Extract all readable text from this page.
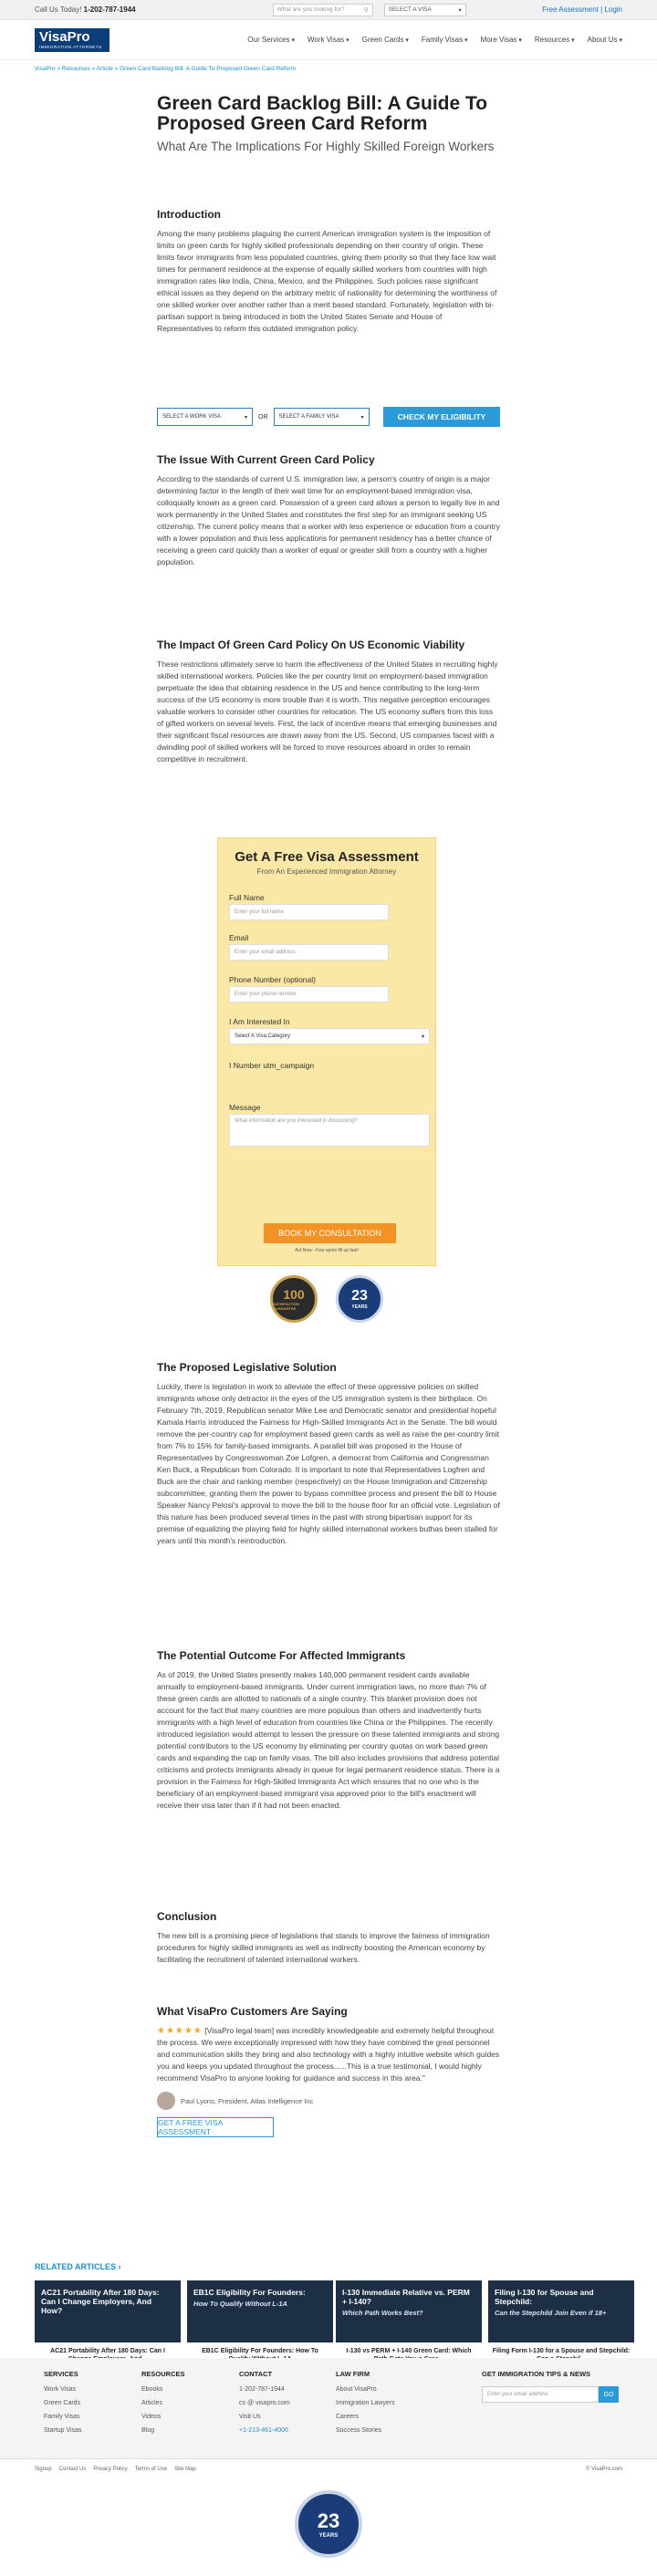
Call Us Today! 1-202-787-1944	What are you looking for?	⚲	SELECT A VISA	▾	Free Assessment | Login
VisaPro
IMMIGRATION ATTORNEYS
Our Services ▾	Work Visas ▾	Green Cards ▾	Family Visas ▾	More Visas ▾	Resources ▾	About Us ▾
VisaPro » Resources » Article » Green Card Backlog Bill: A Guide To Proposed Green Card Reform
Green Card Backlog Bill: A Guide To Proposed Green Card Reform
What Are The Implications For Highly Skilled Foreign Workers
Introduction

Among the many problems plaguing the current American immigration system is the imposition of limits on green cards for highly skilled professionals depending on their country of origin. These limits favor immigrants from less populated countries, giving them priority so that they face low wait times for permanent residence at the expense of equally skilled workers from countries with high immigration rates like India, China, Mexico, and the Philippines. Such policies raise significant ethical issues as they depend on the arbitrary metric of nationality for determining the worthiness of one skilled worker over another rather than a merit based standard. Fortunately, legislation with bi-partisan support is being introduced in both the United States Senate and House of Representatives to reform this outdated immigration policy.

SELECT A WORK VISA	▾ OR SELECT A FAMILY VISA	▾	CHECK MY ELIGIBILITY
The Issue With Current Green Card Policy

According to the standards of current U.S. immigration law, a person's country of origin is a major determining factor in the length of their wait time for an employment-based immigration visa, colloquially known as a green card. Possession of a green card allows a person to legally live in and work permanently in the United States and constitutes the first step for an immigrant seeking US citizenship. The current policy means that a worker with less experience or education from a country with a lower population and thus less applications for permanent residency has a better chance of receiving a green card quickly than a worker of equal or greater skill from a country with a higher population.

The Impact Of Green Card Policy On US Economic Viability

These restrictions ultimately serve to harm the effectiveness of the United States in recruiting highly skilled international workers. Policies like the per country limit on employment-based immigration perpetuate the idea that obtaining residence in the US and hence contributing to the long-term success of the US economy is more trouble than it is worth. This negative perception encourages valuable workers to consider other countries for relocation. The US economy suffers from this loss of gifted workers on several levels. First, the lack of incentive means that emerging businesses and their significant fiscal resources are drawn away from the US. Second, US companies faced with a dwindling pool of skilled workers will be forced to move resources aboard in order to remain competitive in recruitment.

Get A Free Visa Assessment
From An Experienced Immigration Attorney
Full Name
Enter your full name
Email
Enter your email address
Phone Number (optional)
Enter your phone number
I Am Interested In
Select A Visa Category	▾
I Number utm_campaign
Message
What information are you interested in discussing?
BOOK MY CONSULTATION
Act Now - Few spots fill up fast!
100
SATISFACTION GUARANTEE
23
YEARS
The Proposed Legislative Solution

Luckily, there is legislation in work to alleviate the effect of these oppressive policies on skilled immigrants whose only detractor in the eyes of the US immigration system is their birthplace. On February 7th, 2019, Republican senator Mike Lee and Democratic senator and presidential hopeful Kamala Harris introduced the Fairness for High-Skilled Immigrants Act in the Senate. The bill would remove the per-country cap for employment based green cards as well as raise the per-country limit from 7% to 15% for family-based immigrants. A parallel bill was proposed in the House of Representatives by Congresswoman Zoe Lofgren, a democrat from California and Congressman Ken Buck, a Republican from Colorado. It is important to note that Representatives Logfren and Buck are the chair and ranking member (respectively) on the House Immigration and Citizenship subcommittee, granting them the power to bypass committee process and present the bill to House Speaker Nancy Pelosi's approval to move the bill to the house floor for an official vote. Legislation of this nature has been produced several times in the past with strong bipartisan support for its premise of equalizing the playing field for highly skilled international workers buthas been stalled for years until this month's reintroduction.

The Potential Outcome For Affected Immigrants

As of 2019, the United States presently makes 140,000 permanent resident cards available annually to employment-based immigrants. Under current immigration laws, no more than 7% of these green cards are allotted to nationals of a single country. This blanket provision does not account for the fact that many countries are more populous than others and inadvertently hurts immigrants with a high level of education from countries like China or the Philippines. The recently introduced legislation would attempt to lessen the pressure on these talented immigrants and strong potential contributors to the US economy by eliminating per country quotas on work based green cards and expanding the cap on family visas. The bill also includes provisions that address potential criticisms and protects immigrants already in queue for legal permanent residence status. There is a provision in the Fairness for High-Skilled Immigrants Act which ensures that no one who is the beneficiary of an employment-based immigrant visa approved prior to the bill's enactment will receive their visa later than if it had not been enacted.

Conclusion

The new bill is a promising piece of legislations that stands to improve the fairness of immigration procedures for highly skilled immigrants as well as indirectly boosting the American economy by facilitating the recruitment of talented international workers.

What VisaPro Customers Are Saying

★★★★★ [VisaPro legal team] was incredibly knowledgeable and extremely helpful throughout the process. We were exceptionally impressed with how they have combined the great personnel and communication skills they bring and also technology with a highly intuitive website which guides you and keeps you updated throughout the process......This is a true testimonial, I would highly recommend VisaPro to anyone looking for guidance and success in this area."

Paul Lyons, President, Atlas Intelligence Inc
GET A FREE VISA ASSESSMENT
RELATED ARTICLES ›
AC21 Portability After 180 Days: Can I Change Employers, And How?
AC21 Portability After 180 Days: Can I
EB1C Eligibility For Founders:
How To Qualify Without L-1A
EB1C Eligibility For Founders: How To
I-130 Immediate Relative vs. PERM + I-140?
Which Path Works Best?
I-130 vs PERM + I-140 Green Card: Which
Filing I-130 for Spouse and Stepchild:
Can the Stepchild Join Even if 18+
Filing Form I-130 for a Spouse and Stepchild:
SERVICES
Work Visas
Green Cards
Family Visas
Startup Visas
RESOURCES
Ebooks
Articles
Videos
Blog
CONTACT
1-202-787-1944
cs @ visapro.com
Visit Us
+1-213-461-4000
LAW FIRM
About VisaPro
Immigration Lawyers
Careers
Success Stories
GET IMMIGRATION TIPS & NEWS
Enter your email address	GO
Signup Contact Us Privacy Policy Terms of Use Site Map	© VisaPro.com
23
YEARS
